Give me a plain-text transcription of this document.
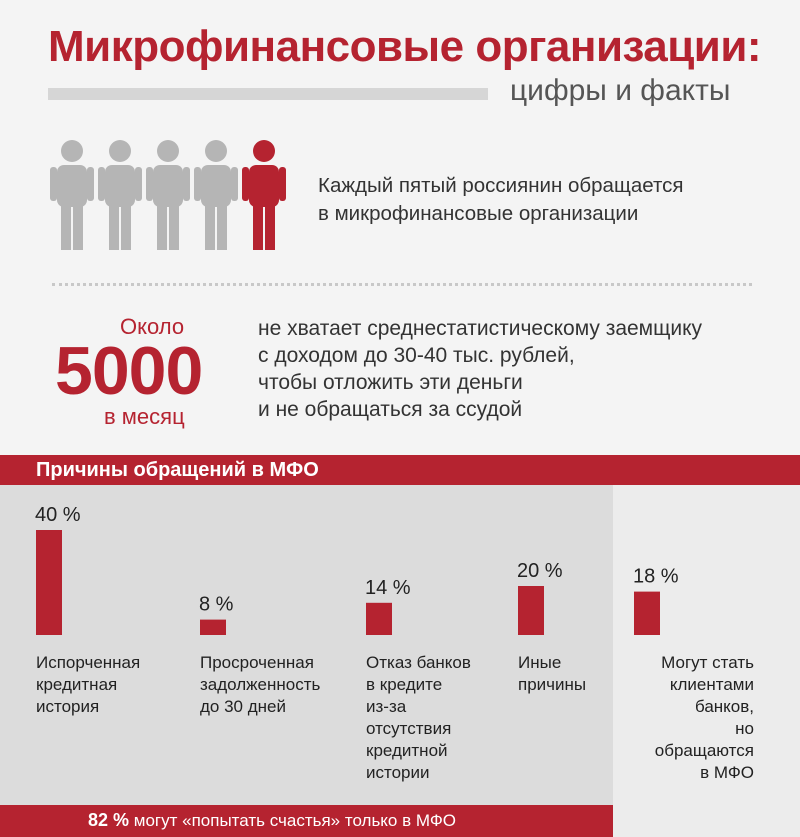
Микрофинансовые организации:
цифры и факты
Каждый пятый россиянин обращается
в микрофинансовые организации
Около
5000
в месяц
не хватает среднестатистическому заемщику
с доходом до 30-40 тыс. рублей,
чтобы отложить эти деньги
и не обращаться за ссудой
Причины обращений в МФО
40 %
8 %
14 %
20 %	18 %
Испорченная
кредитная
история
Просроченная
задолженность
до 30 дней
Отказ банков
в кредите
из-за
отсутствия
кредитной
истории
Иные
причины
Могут стать
клиентами
банков,
но обращаются
в МФО
82 % могут «попытать счастья» только в МФО
